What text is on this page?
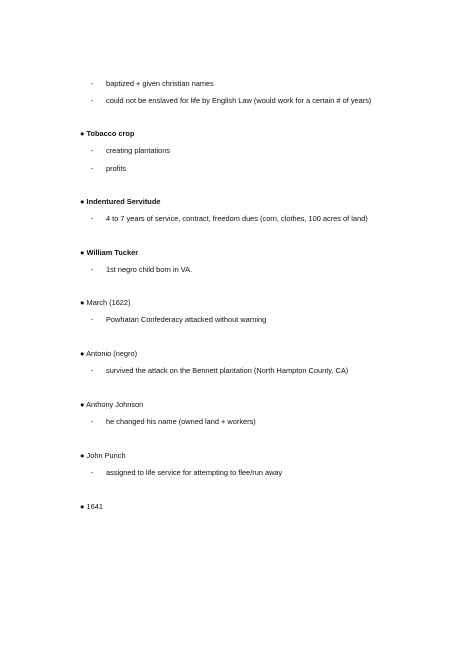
- baptized + given christian names
- could not be enslaved for life by English Law (would work for a certain # of years)
● Tobacco crop
- creating plantations
- profits
● Indentured Servitude
- 4 to 7 years of service, contract, freedom dues (corn, clothes, 100 acres of land)
● William Tucker
- 1st negro child born in VA.
● March (1622)
- Powhatan Confederacy attacked without warning
● Antonio (negro)
- survived the attack on the Bennett plantation (North Hampton County, CA)
● Anthony Johnson
- he changed his name (owned land + workers)
● John Punch
- assigned to life service for attempting to flee/run away
● 1641
